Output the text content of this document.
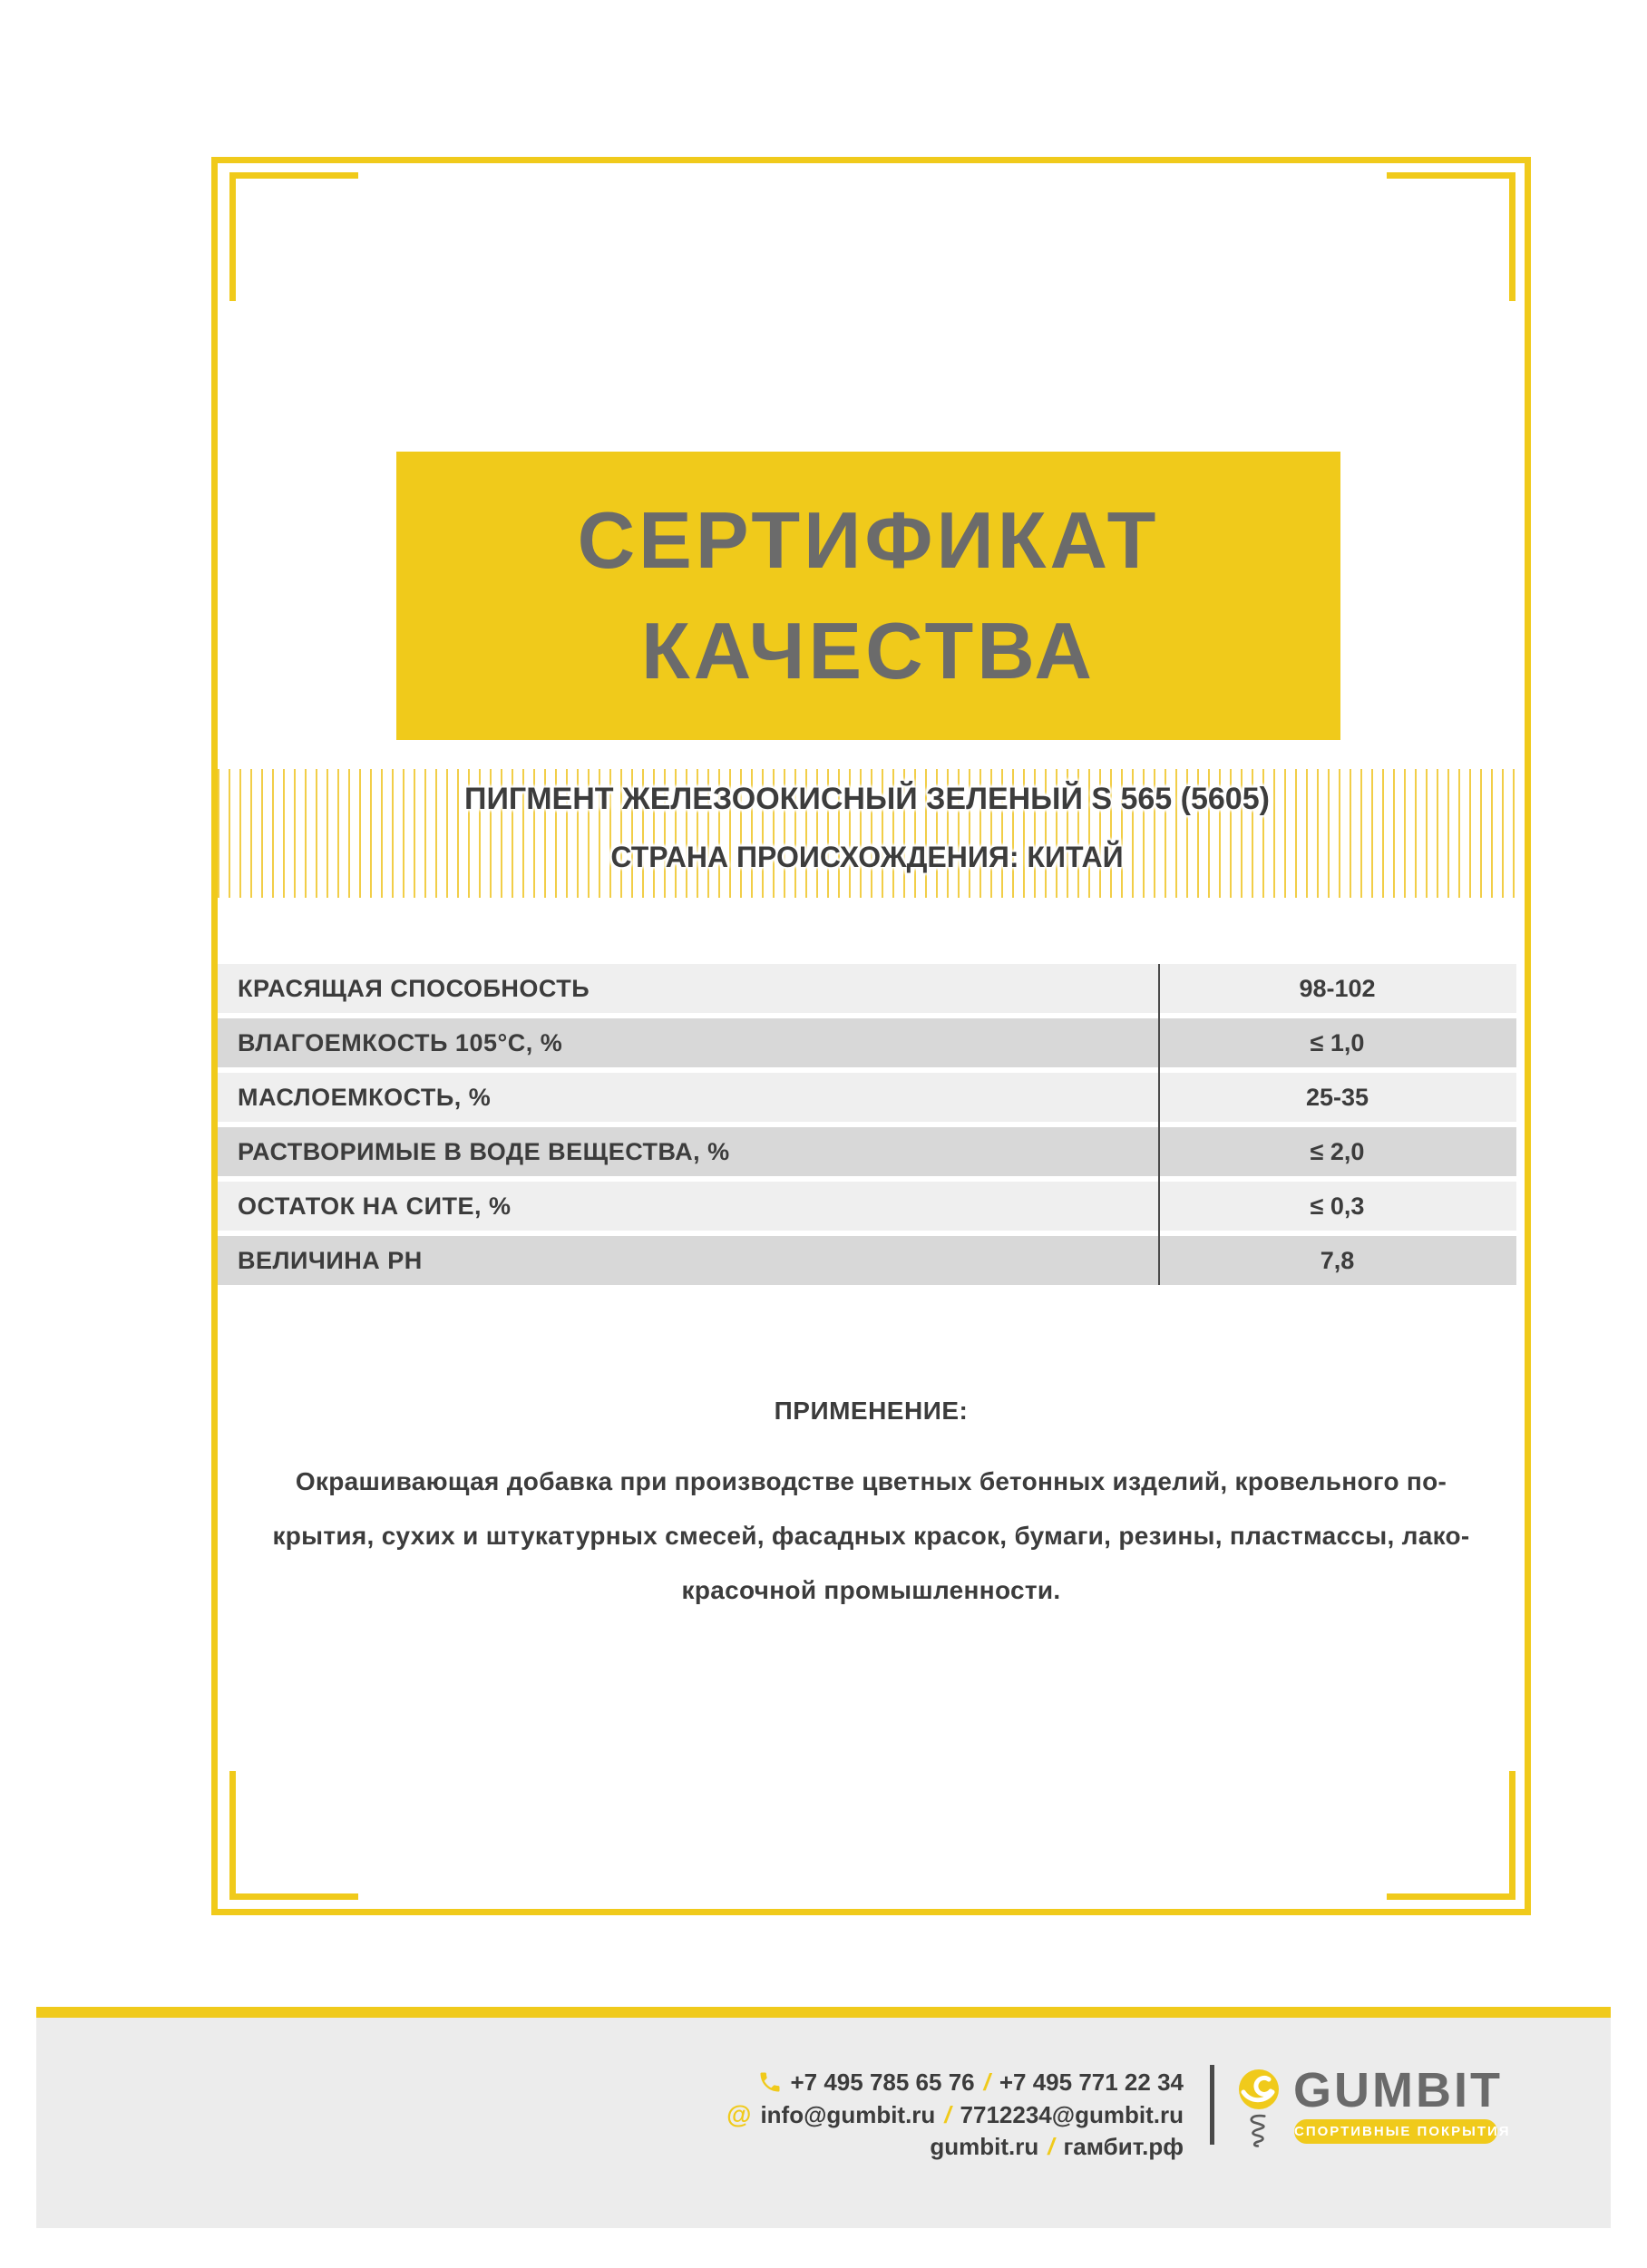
СЕРТИФИКАТ
КАЧЕСТВА
ПИГМЕНТ ЖЕЛЕЗООКИСНЫЙ ЗЕЛЕНЫЙ S 565 (5605)
СТРАНА ПРОИСХОЖДЕНИЯ: КИТАЙ
КРАСЯЩАЯ СПОСОБНОСТЬ	98-102
ВЛАГОЕМКОСТЬ 105°С, %	≤ 1,0
МАСЛОЕМКОСТЬ, %	25-35
РАСТВОРИМЫЕ В ВОДЕ ВЕЩЕСТВА, %	≤ 2,0
ОСТАТОК НА СИТЕ, %	≤ 0,3
ВЕЛИЧИНА PH	7,8
ПРИМЕНЕНИЕ:
Окрашивающая добавка при производстве цветных бетонных изделий, кровельного по-
крытия, сухих и штукатурных смесей, фасадных красок, бумаги, резины, пластмассы, лако-
красочной промышленности.
+7 495 785 65 76 / +7 495 771 22 34
@ info@gumbit.ru / 7712234@gumbit.ru
gumbit.ru / гамбит.рф
GUMBIT
СПОРТИВНЫЕ ПОКРЫТИЯ
